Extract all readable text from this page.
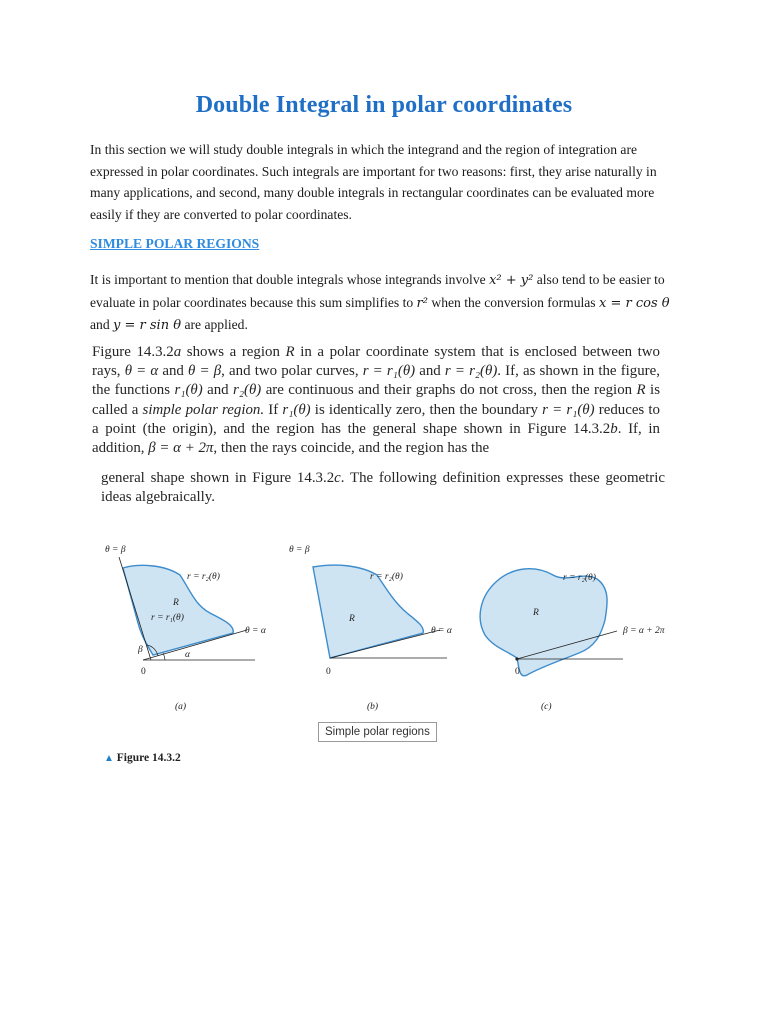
Double Integral in polar coordinates

In this section we will study double integrals in which the integrand and the region of integration are expressed in polar coordinates. Such integrals are important for two reasons: first, they arise naturally in many applications, and second, many double integrals in rectangular coordinates can be evaluated more easily if they are converted to polar coordinates.

SIMPLE POLAR REGIONS

It is important to mention that double integrals whose integrands involve x² + y² also tend to be easier to evaluate in polar coordinates because this sum simplifies to r² when the conversion formulas x = r cos θ and y = r sin θ are applied.

Figure 14.3.2a shows a region R in a polar coordinate system that is enclosed between two rays, θ = α and θ = β, and two polar curves, r = r₁(θ) and r = r₂(θ). If, as shown in the figure, the functions r₁(θ) and r₂(θ) are continuous and their graphs do not cross, then the region R is called a simple polar region. If r₁(θ) is identically zero, then the boundary r = r₁(θ) reduces to a point (the origin), and the region has the general shape shown in Figure 14.3.2b. If, in addition, β = α + 2π, then the rays coincide, and the region has the

general shape shown in Figure 14.3.2c. The following definition expresses these geometric ideas algebraically.

θ = β
r = r₂(θ)
R
r = r₁(θ)
θ = α
β	α
0
(a)
θ = β
r = r₂(θ)
R
θ = α
0
(b)
r = r₂(θ)
R
β = α + 2π
0
(c)
Simple polar regions
▲ Figure 14.3.2
